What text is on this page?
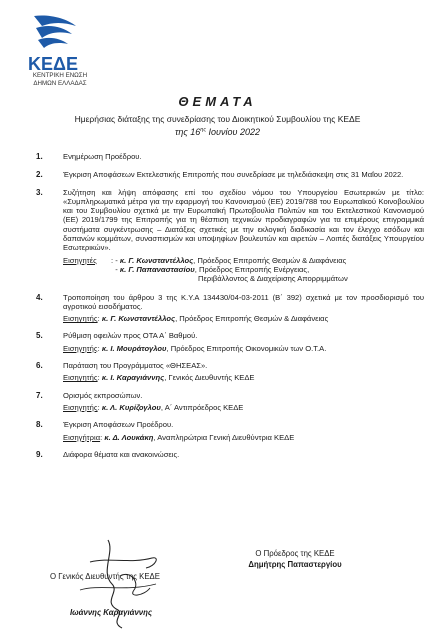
ΚΕΔΕ
ΚΕΝΤΡΙΚΗ ΕΝΩΣΗ
ΔΗΜΩΝ ΕΛΛΑΔΑΣ
ΘΕΜΑΤΑ
Ημερήσιας διάταξης της συνεδρίασης του Διοικητικού Συμβουλίου της ΚΕΔΕ
της $16^{\eta\varsigma}$ Ιουνίου 2022
1.	Ενημέρωση Προέδρου.
2.	Έγκριση Αποφάσεων Εκτελεστικής Επιτροπής που συνεδρίασε με τηλεδιάσκεψη στις 31 Μαΐου 2022.
3.	Συζήτηση και λήψη απόφασης επί του σχεδίου νόμου του Υπουργείου Εσωτερικών με τίτλο: «Συμπληρωματικά μέτρα για την εφαρμογή του Κανονισμού (ΕΕ) 2019/788 του Ευρωπαϊκού Κοινοβουλίου και του Συμβουλίου σχετικά με την Ευρωπαϊκή Πρωτοβουλία Πολιτών και του Εκτελεστικού Κανονισμού (ΕΕ) 2019/1799 της Επιτροπής για τη θέσπιση τεχνικών προδιαγραφών για τα επιμέρους επιγραμμικά συστήματα συγκέντρωσης – Διατάξεις σχετικές με την εκλογική διαδικασία και τον έλεγχο εσόδων και δαπανών κομμάτων, συνασπισμών και υποψηφίων βουλευτών και αιρετών – Λοιπές διατάξεις Υπουργείου Εσωτερικών».
Εισηγητές : - κ. Γ. Κωνσταντέλλος, Πρόεδρος Επιτροπής Θεσμών & Διαφάνειας
- κ. Γ. Παπαναστασίου, Πρόεδρος Επιτροπής Ενέργειας,
Περιβάλλοντος & Διαχείρισης Απορριμμάτων
4.	Τροποποίηση του άρθρου 3 της Κ.Υ.Α 134430/04-03-2011 (Β΄ 392) σχετικά με τον προσδιορισμό του αγροτικού εισοδήματος.
Εισηγητής: κ. Γ. Κωνσταντέλλος, Πρόεδρος Επιτροπής Θεσμών & Διαφάνειας
5.	Ρύθμιση οφειλών προς ΟΤΑ Α΄ Βαθμού.
Εισηγητής: κ. Ι. Μουράτογλου, Πρόεδρος Επιτροπής Οικονομικών των Ο.Τ.Α.
6.	Παράταση του Προγράμματος «ΘΗΣΕΑΣ».
Εισηγητής: κ. Ι. Καραγιάννης, Γενικός Διευθυντής ΚΕΔΕ
7.	Ορισμός εκπροσώπων.
Εισηγητής: κ. Λ. Κυρίζογλου, Α΄ Αντιπρόεδρος ΚΕΔΕ
8.	Έγκριση Αποφάσεων Προέδρου.
Εισηγήτρια: κ. Δ. Λουκάκη, Αναπληρώτρια Γενική Διευθύντρια ΚΕΔΕ
9.	Διάφορα θέματα και ανακοινώσεις.
Ο Πρόεδρος της ΚΕΔΕ
Δημήτρης Παπαστεργίου
Ο Γενικός Διευθυντής της ΚΕΔΕ
Ιωάννης Καραγιάννης
